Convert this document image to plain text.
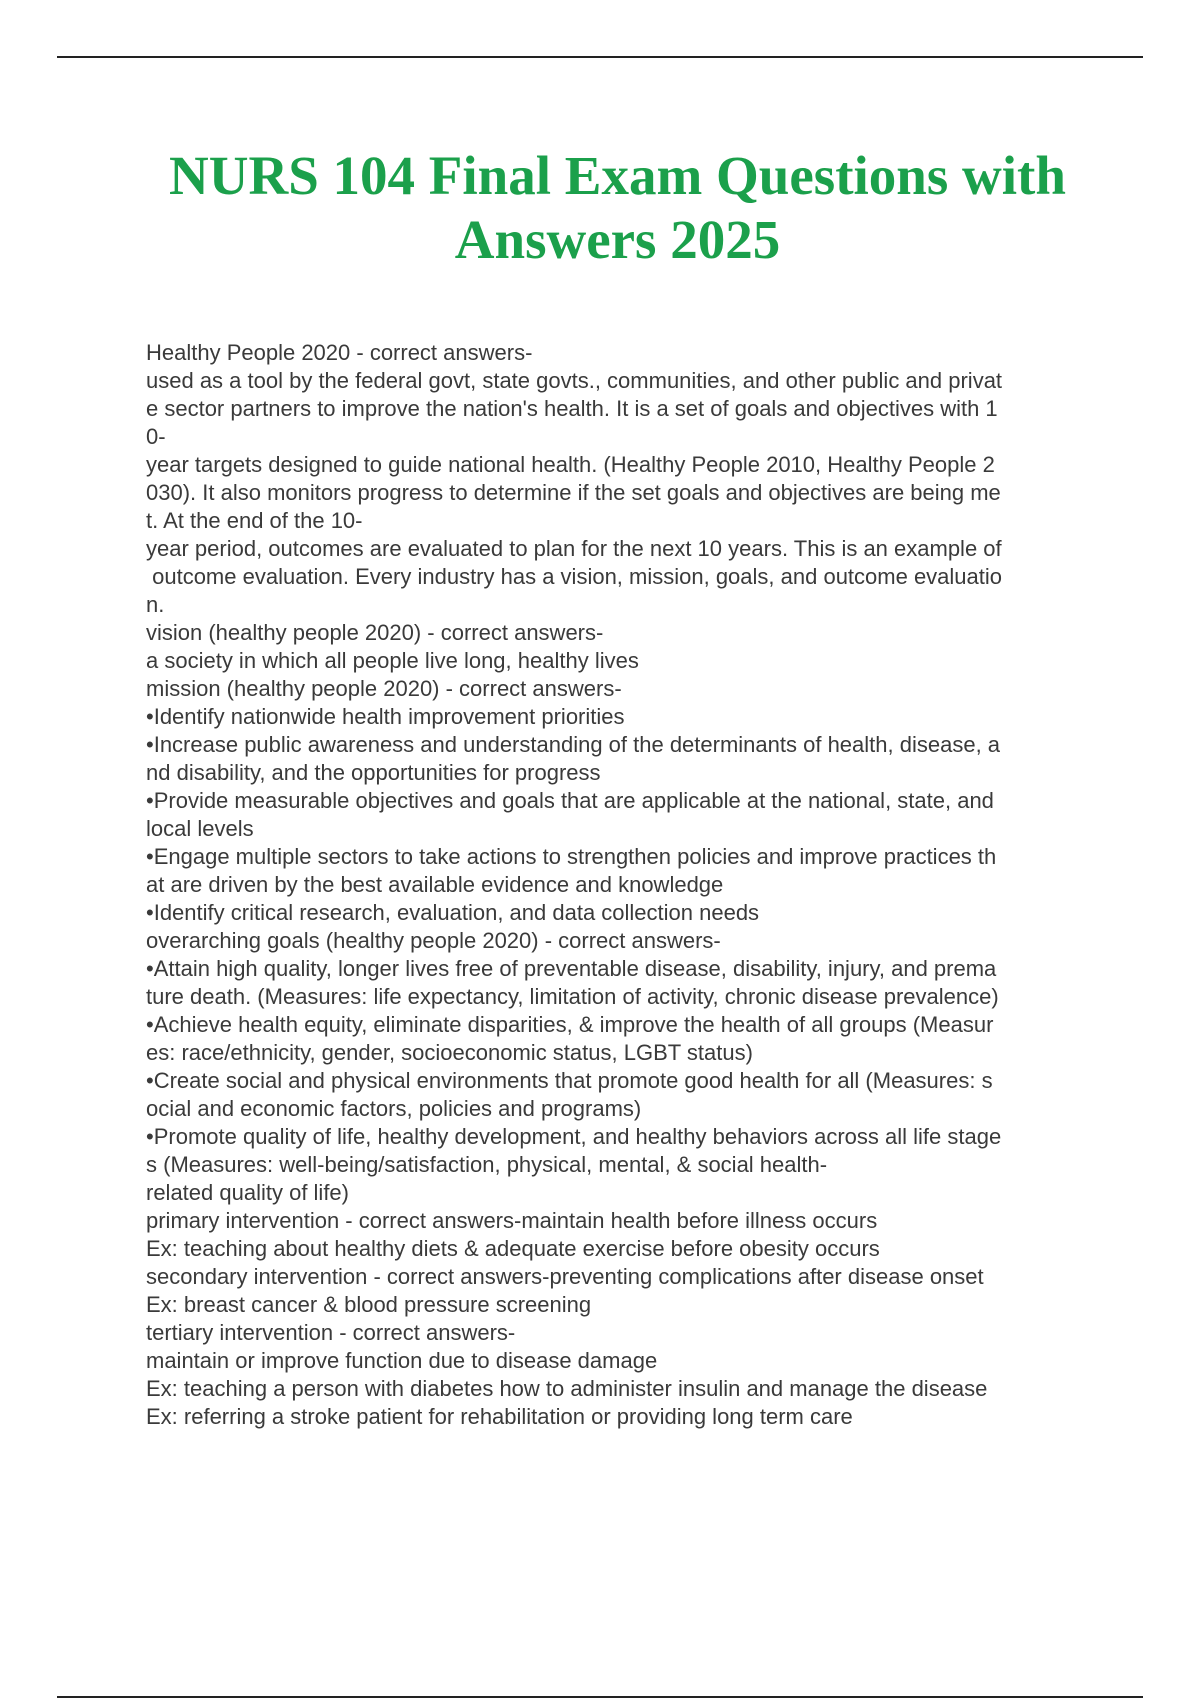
NURS 104 Final Exam Questions with
Answers 2025
Healthy People 2020 - correct answers-
used as a tool by the federal govt, state govts., communities, and other public and privat
e sector partners to improve the nation's health. It is a set of goals and objectives with 1
0-
year targets designed to guide national health. (Healthy People 2010, Healthy People 2
030). It also monitors progress to determine if the set goals and objectives are being me
t. At the end of the 10-
year period, outcomes are evaluated to plan for the next 10 years. This is an example of
outcome evaluation. Every industry has a vision, mission, goals, and outcome evaluatio
n.
vision (healthy people 2020) - correct answers-
a society in which all people live long, healthy lives
mission (healthy people 2020) - correct answers-
•Identify nationwide health improvement priorities
•Increase public awareness and understanding of the determinants of health, disease, a
nd disability, and the opportunities for progress
•Provide measurable objectives and goals that are applicable at the national, state, and
local levels
•Engage multiple sectors to take actions to strengthen policies and improve practices th
at are driven by the best available evidence and knowledge
•Identify critical research, evaluation, and data collection needs
overarching goals (healthy people 2020) - correct answers-
•Attain high quality, longer lives free of preventable disease, disability, injury, and prema
ture death. (Measures: life expectancy, limitation of activity, chronic disease prevalence)
•Achieve health equity, eliminate disparities, & improve the health of all groups (Measur
es: race/ethnicity, gender, socioeconomic status, LGBT status)
•Create social and physical environments that promote good health for all (Measures: s
ocial and economic factors, policies and programs)
•Promote quality of life, healthy development, and healthy behaviors across all life stage
s (Measures: well-being/satisfaction, physical, mental, & social health-
related quality of life)
primary intervention - correct answers-maintain health before illness occurs
Ex: teaching about healthy diets & adequate exercise before obesity occurs
secondary intervention - correct answers-preventing complications after disease onset
Ex: breast cancer & blood pressure screening
tertiary intervention - correct answers-
maintain or improve function due to disease damage
Ex: teaching a person with diabetes how to administer insulin and manage the disease
Ex: referring a stroke patient for rehabilitation or providing long term care
